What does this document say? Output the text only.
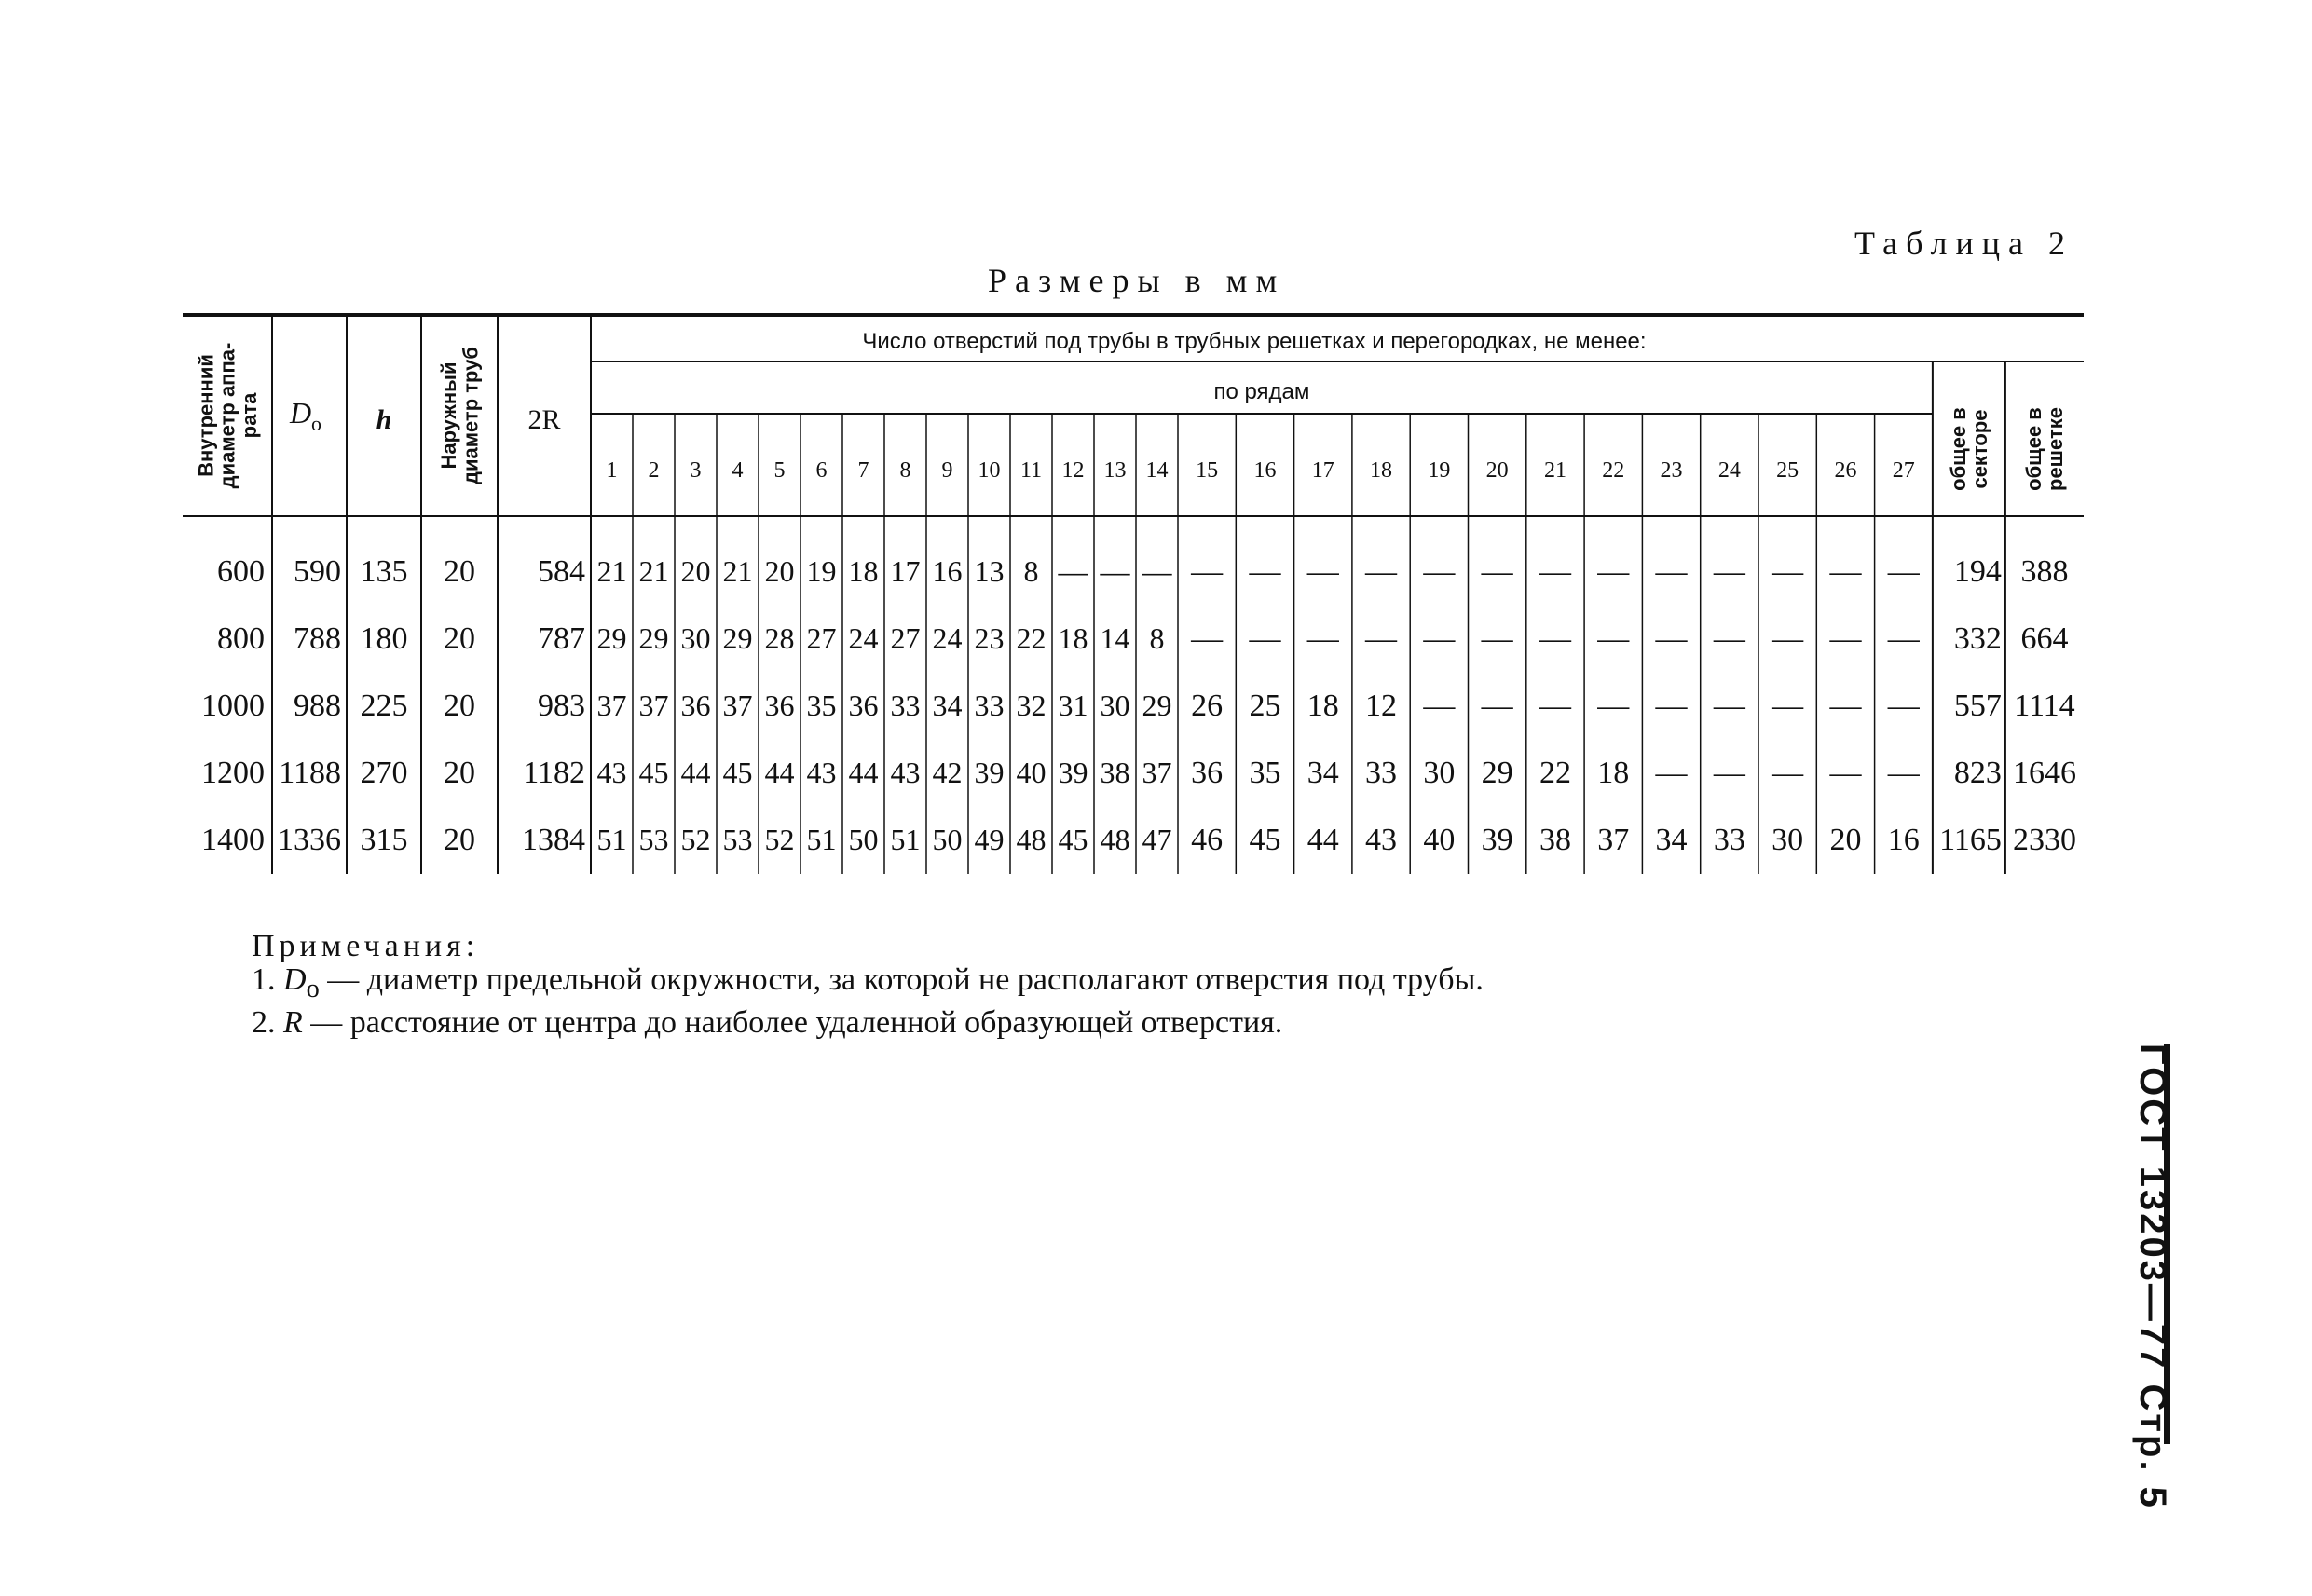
Таблица 2
Размеры в мм
Внутренний
диаметр аппа-
рата $D_о$ h Наружный
диаметр труб 2R
Число отверстий под трубы в трубных решетках и перегородках, не менее:
по рядам
1 2 3 4 5 6 7 8 9 10 11 12 13 14 15 16 17 18 19 20 21 22 23 24 25 26 27 общее в
секторе общее в
решетке
600 590 135 20 584 21 21 20 21 20 19 18 17 16 13 8 — — — — — — — — — — — — — — — — 194 388
800 788 180 20 787 29 29 30 29 28 27 24 27 24 23 22 18 14 8 — — — — — — — — — — — — — 332 664
1000 988 225 20 983 37 37 36 37 36 35 36 33 34 33 32 31 30 29 26 25 18 12 — — — — — — — — — 557 1114
1200 1188 270 20 1182 43 45 44 45 44 43 44 43 42 39 40 39 38 37 36 35 34 33 30 29 22 18 — — — — — 823 1646
1400 1336 315 20 1384 51 53 52 53 52 51 50 51 50 49 48 45 48 47 46 45 44 43 40 39 38 37 34 33 30 20 16 1165 2330
Примечания:
1. $D_о$ — диаметр предельной окружности, за которой не располагают отверстия под трубы.
2. R — расстояние от центра до наиболее удаленной образующей отверстия.
ГОСТ 13203—77 Стр. 5
